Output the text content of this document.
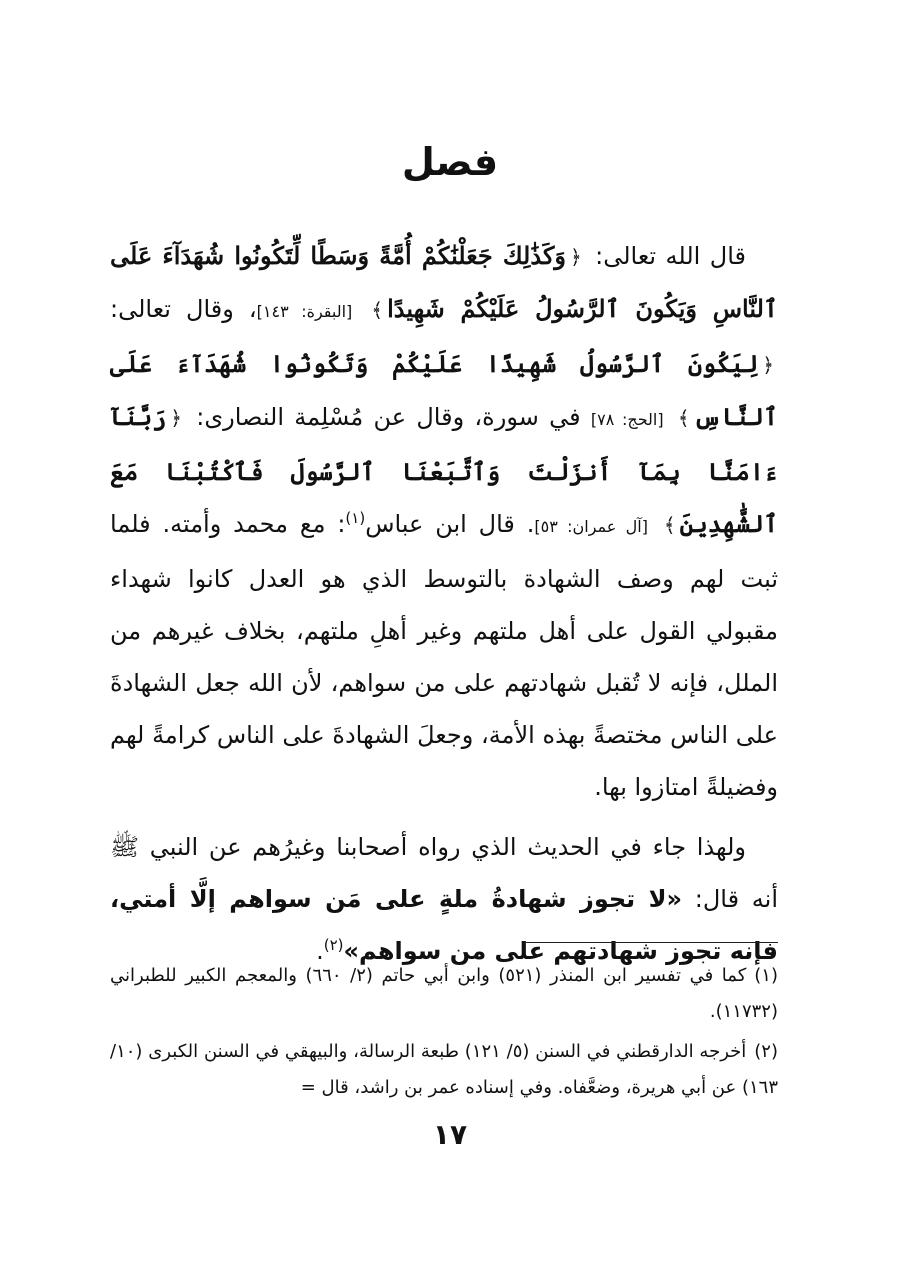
فصل

قال الله تعالى: ﴿وَكَذَٰلِكَ جَعَلْنَٰكُمْ أُمَّةً وَسَطًا لِّتَكُونُوا شُهَدَآءَ عَلَى ٱلنَّاسِ وَيَكُونَ ٱلرَّسُولُ عَلَيْكُمْ شَهِيدًا﴾ [البقرة: ١٤٣]، وقال تعالى: ﴿لِيَكُونَ ٱلرَّسُولُ شَهِيدًا عَلَيْكُمْ وَتَكُونُوا شُهَدَآءَ عَلَى ٱلنَّاسِ﴾ [الحج: ٧٨] في سورة، وقال عن مُسْلِمة النصارى: ﴿رَبَّنَآ ءَامَنَّا بِمَآ أَنزَلْتَ وَٱتَّبَعْنَا ٱلرَّسُولَ فَٱكْتُبْنَا مَعَ ٱلشَّٰهِدِينَ﴾ [آل عمران: ٥٣]. قال ابن عباس$^{(١)}$: مع محمد وأمته. فلما ثبت لهم وصف الشهادة بالتوسط الذي هو العدل كانوا شهداء مقبولي القول على أهل ملتهم وغير أهلِ ملتهم، بخلاف غيرهم من الملل، فإنه لا تُقبل شهادتهم على من سواهم، لأن الله جعل الشهادةَ على الناس مختصةً بهذه الأمة، وجعلَ الشهادةَ على الناس كرامةً لهم وفضيلةً امتازوا بها.

ولهذا جاء في الحديث الذي رواه أصحابنا وغيرُهم عن النبي ﷺ أنه قال: «لا تجوز شهادةُ ملةٍ على مَن سواهم إلَّا أمتي، فإنه تجوز شهادتهم على من سواهم»$^{(٢)}$.

(١)كما في تفسير ابن المنذر (٥٢١) وابن أبي حاتم (٢/ ٦٦٠) والمعجم الكبير للطبراني (١١٧٣٢).

(٢)أخرجه الدارقطني في السنن (٥/ ١٢١) طبعة الرسالة، والبيهقي في السنن الكبرى (١٠/ ١٦٣) عن أبي هريرة، وضعَّفاه. وفي إسناده عمر بن راشد، قال =

١٧
